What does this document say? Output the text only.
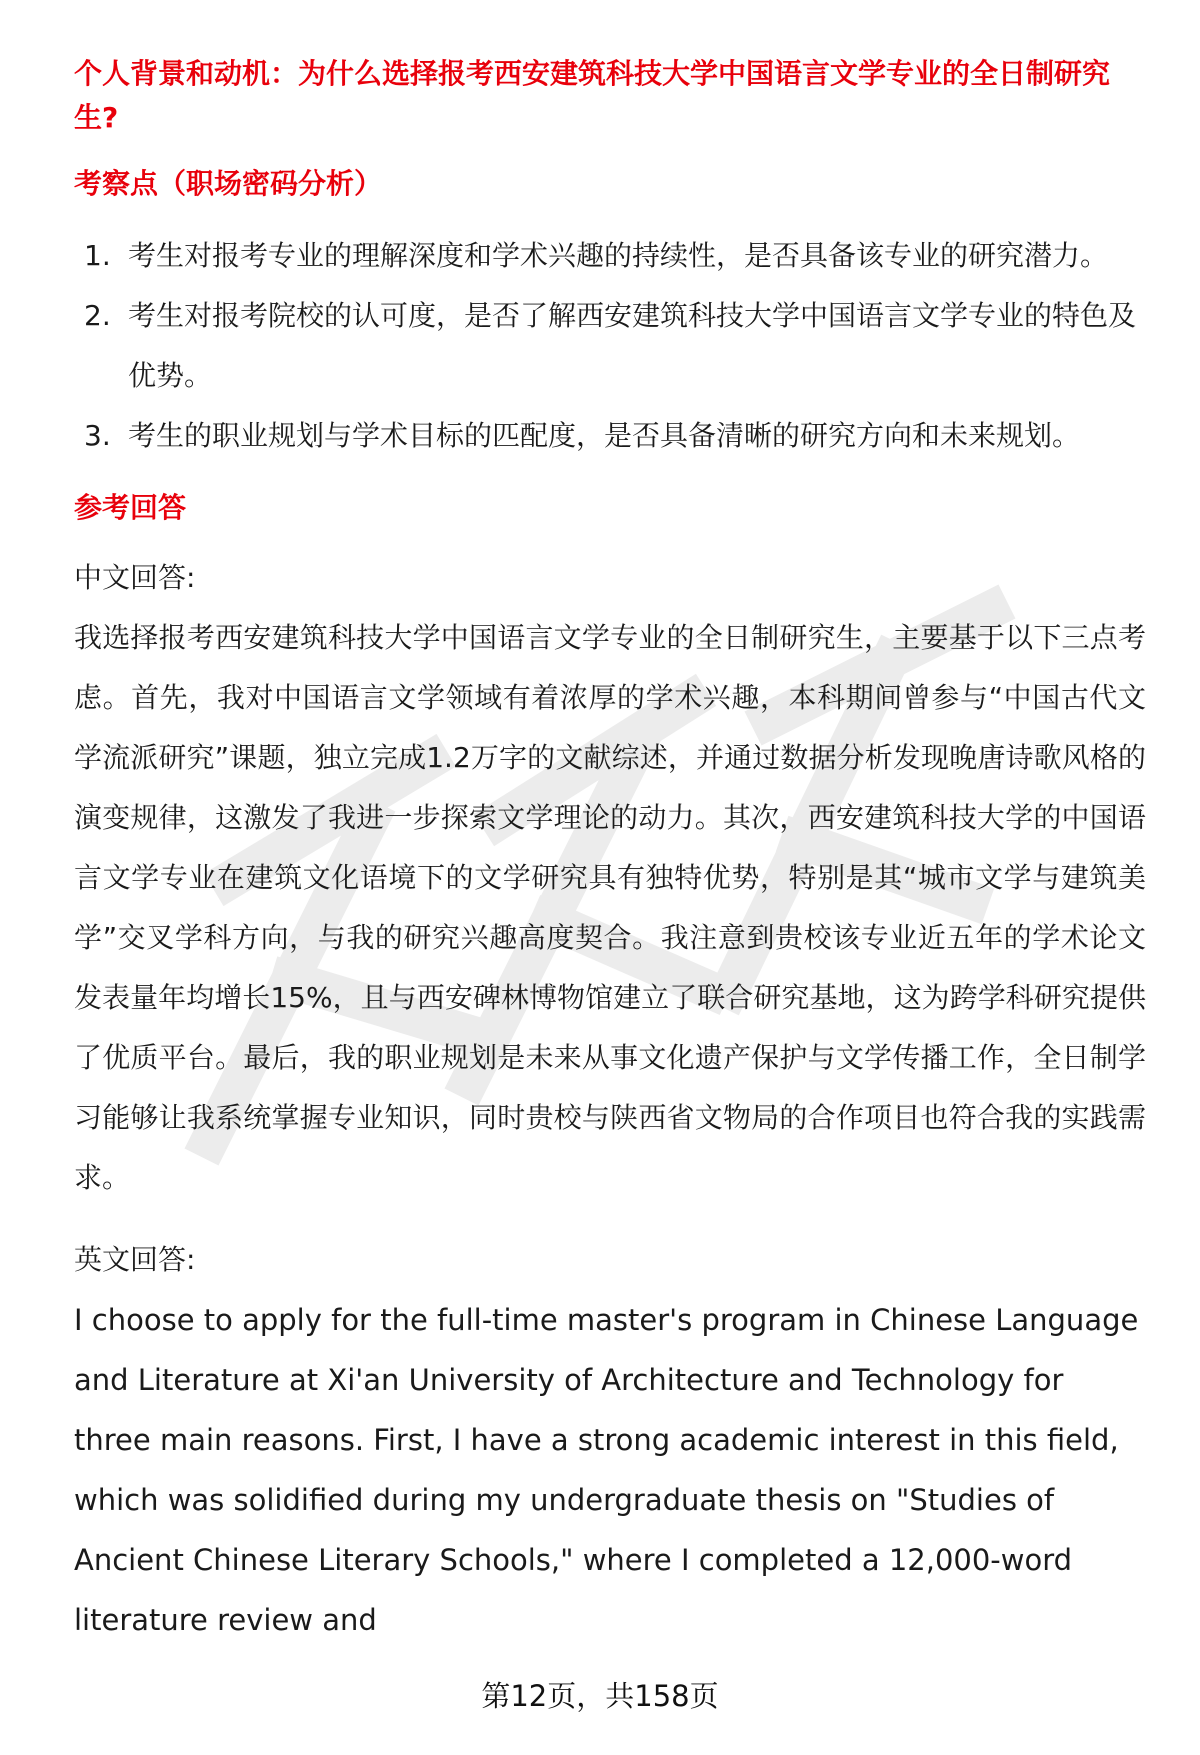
个人背景和动机：为什么选择报考西安建筑科技大学中国语言文学专业的全日制研究生?
考察点（职场密码分析）
1. 考生对报考专业的理解深度和学术兴趣的持续性，是否具备该专业的研究潜力。
2. 考生对报考院校的认可度，是否了解西安建筑科技大学中国语言文学专业的特色及优势。
3. 考生的职业规划与学术目标的匹配度，是否具备清晰的研究方向和未来规划。
参考回答

中文回答:

我选择报考西安建筑科技大学中国语言文学专业的全日制研究生，主要基于以下三点考虑。首先，我对中国语言文学领域有着浓厚的学术兴趣，本科期间曾参与“中国古代文学流派研究”课题，独立完成1.2万字的文献综述，并通过数据分析发现晚唐诗歌风格的演变规律，这激发了我进一步探索文学理论的动力。其次，西安建筑科技大学的中国语言文学专业在建筑文化语境下的文学研究具有独特优势，特别是其“城市文学与建筑美学”交叉学科方向，与我的研究兴趣高度契合。我注意到贵校该专业近五年的学术论文发表量年均增长15%，且与西安碑林博物馆建立了联合研究基地，这为跨学科研究提供了优质平台。最后，我的职业规划是未来从事文化遗产保护与文学传播工作，全日制学习能够让我系统掌握专业知识，同时贵校与陕西省文物局的合作项目也符合我的实践需求。

英文回答:

I choose to apply for the full-time master's program in Chinese Language and Literature at Xi'an University of Architecture and Technology for three main reasons. First, I have a strong academic interest in this field, which was solidified during my undergraduate thesis on "Studies of Ancient Chinese Literary Schools," where I completed a 12,000-word literature review and

第12页，共158页
